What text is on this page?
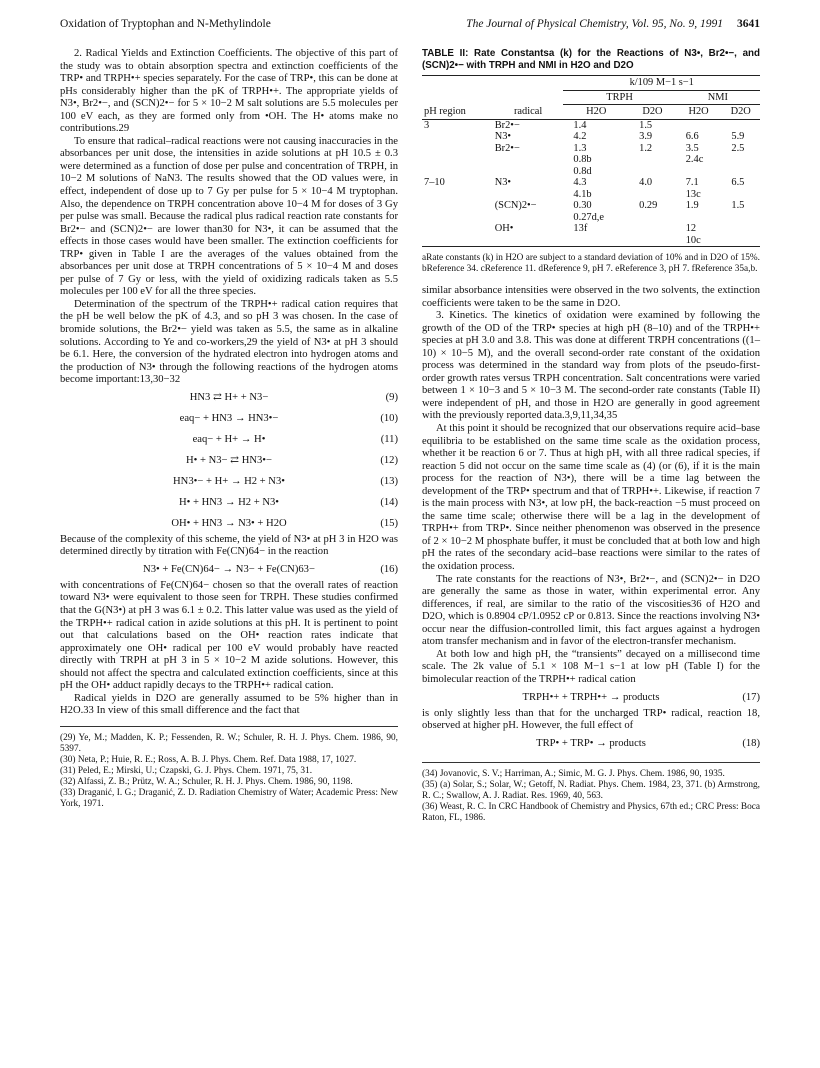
Oxidation of Tryptophan and N-Methylindole	The Journal of Physical Chemistry, Vol. 95, No. 9, 1991 3641

2. Radical Yields and Extinction Coefficients. The objective of this part of the study was to obtain absorption spectra and extinction coefficients of the TRP• and TRPH•+ species separately. For the case of TRP•, this can be done at pHs considerably higher than the pK of TRPH•+. The appropriate yields of N3•, Br2•−, and (SCN)2•− for 5 × 10−2 M salt solutions are 5.5 molecules per 100 eV each, as they are formed only from •OH. The H• atoms make no contributions.29

To ensure that radical–radical reactions were not causing inaccuracies in the absorbances per unit dose, the intensities in azide solutions at pH 10.5 ± 0.3 were determined as a function of dose per pulse and concentration of TRPH, in 10−2 M solutions of NaN3. The results showed that the OD values were, in effect, independent of dose up to 7 Gy per pulse for 5 × 10−4 M tryptophan. Also, the dependence on TRPH concentration above 10−4 M for doses of 3 Gy per pulse was small. Because the radical plus radical reaction rate constants for Br2•− and (SCN)2•− are lower than30 for N3•, it can be assumed that the effects in those cases would have been smaller. The extinction coefficients for TRP• given in Table I are the averages of the values obtained from the absorbances per unit dose at TRPH concentrations of 5 × 10−4 M and doses per pulse of 7 Gy or less, with the yield of oxidizing radicals taken as 5.5 molecules per 100 eV for all the three species.

Determination of the spectrum of the TRPH•+ radical cation requires that the pH be well below the pK of 4.3, and so pH 3 was chosen. In the case of bromide solutions, the Br2•− yield was taken as 5.5, the same as in alkaline solutions. According to Ye and co-workers,29 the yield of N3• at pH 3 should be 6.1. Here, the conversion of the hydrated electron into hydrogen atoms and the production of N3• through the following reactions of the hydrogen atoms become important:13,30−32

HN3 ⇄ H+ + N3−	(9)
eaq− + HN3 → HN3•−	(10)
eaq− + H+ → H•	(11)
H• + N3− ⇄ HN3•−	(12)
HN3•− + H+ → H2 + N3•	(13)
H• + HN3 → H2 + N3•	(14)
OH• + HN3 → N3• + H2O	(15)

Because of the complexity of this scheme, the yield of N3• at pH 3 in H2O was determined directly by titration with Fe(CN)64− in the reaction

N3• + Fe(CN)64− → N3− + Fe(CN)63−	(16)

with concentrations of Fe(CN)64− chosen so that the overall rates of reaction toward N3• were equivalent to those seen for TRPH. These studies confirmed that the G(N3•) at pH 3 was 6.1 ± 0.2. This latter value was used as the yield of the TRPH•+ radical cation in azide solutions at this pH. It is pertinent to point out that calculations based on the OH• reaction rates indicate that approximately one OH• radical per 100 eV would probably have reacted directly with TRPH at pH 3 in 5 × 10−2 M azide solutions. However, this should not affect the spectra and calculated extinction coefficients, since at this pH the OH• adduct rapidly decays to the TRPH•+ radical cation.

Radical yields in D2O are generally assumed to be 5% higher than in H2O.33 In view of this small difference and the fact that

(29) Ye, M.; Madden, K. P.; Fessenden, R. W.; Schuler, R. H. J. Phys. Chem. 1986, 90, 5397.
(30) Neta, P.; Huie, R. E.; Ross, A. B. J. Phys. Chem. Ref. Data 1988, 17, 1027.
(31) Peled, E.; Mirski, U.; Czapski, G. J. Phys. Chem. 1971, 75, 31.
(32) Alfassi, Z. B.; Prütz, W. A.; Schuler, R. H. J. Phys. Chem. 1986, 90, 1198.
(33) Draganić, I. G.; Draganić, Z. D. Radiation Chemistry of Water; Academic Press: New York, 1971.
TABLE II: Rate Constantsa (k) for the Reactions of N3•, Br2•−, and (SCN)2•− with TRPH and NMI in H2O and D2O
		k/109 M−1 s−1			
		TRPH		NMI	
pH region	radical	H2O	D2O	H2O	D2O
3	Br2•−	1.4	1.5		
	N3•	4.2	3.9	6.6	5.9
	Br2•−	1.3	1.2	3.5	2.5
		0.8b		2.4c	
		0.8d			
7–10	N3•	4.3	4.0	7.1	6.5
		4.1b		13c	
	(SCN)2•−	0.30	0.29	1.9	1.5
		0.27d,e			
	OH•	13f		12	
				10c	
aRate constants (k) in H2O are subject to a standard deviation of 10% and in D2O of 15%. bReference 34. cReference 11. dReference 9, pH 7. eReference 3, pH 7. fReference 35a,b.

similar absorbance intensities were observed in the two solvents, the extinction coefficients were taken to be the same in D2O.

3. Kinetics. The kinetics of oxidation were examined by following the growth of the OD of the TRP• species at high pH (8–10) and of the TRPH•+ species at pH 3.0 and 3.8. This was done at different TRPH concentrations ((1–10) × 10−5 M), and the overall second-order rate constant of the oxidation process was determined in the standard way from plots of the pseudo-first-order growth rates versus TRPH concentration. Salt concentrations were varied between 1 × 10−3 and 5 × 10−3 M. The second-order rate constants (Table II) were independent of pH, and those in H2O are generally in good agreement with the previously reported data.3,9,11,34,35

At this point it should be recognized that our observations require acid–base equilibria to be established on the same time scale as the oxidation process, whether it be reaction 6 or 7. Thus at high pH, with all three radical species, if reaction 5 did not occur on the same time scale as (4) (or (6), if it is the main process for the reaction of N3•), there will be a time lag between the development of the TRP• spectrum and that of TRPH•+. Likewise, if reaction 7 is the main process with N3•, at low pH, the back-reaction −5 must proceed on the same time scale; otherwise there will be a lag in the development of TRPH•+ from TRP•. Since neither phenomenon was observed in the presence of 2 × 10−2 M phosphate buffer, it must be concluded that at both low and high pH the rates of the secondary acid–base reactions were similar to the rates of the oxidation process.

The rate constants for the reactions of N3•, Br2•−, and (SCN)2•− in D2O are generally the same as those in water, within experimental error. Any differences, if real, are similar to the ratio of the viscosities36 of H2O and D2O, which is 0.8904 cP/1.0952 cP or 0.813. Since the reactions involving N3• occur near the diffusion-controlled limit, this fact argues against a hydrogen atom transfer mechanism and in favor of the electron-transfer mechanism.

At both low and high pH, the “transients” decayed on a millisecond time scale. The 2k value of 5.1 × 108 M−1 s−1 at low pH (Table I) for the bimolecular reaction of the TRPH•+ radical cation

TRPH•+ + TRPH•+ → products	(17)

is only slightly less than that for the uncharged TRP• radical, reaction 18, observed at higher pH. However, the full effect of

TRP• + TRP• → products	(18)
(34) Jovanovic, S. V.; Harriman, A.; Simic, M. G. J. Phys. Chem. 1986, 90, 1935.
(35) (a) Solar, S.; Solar, W.; Getoff, N. Radiat. Phys. Chem. 1984, 23, 371. (b) Armstrong, R. C.; Swallow, A. J. Radiat. Res. 1969, 40, 563.
(36) Weast, R. C. In CRC Handbook of Chemistry and Physics, 67th ed.; CRC Press: Boca Raton, FL, 1986.
